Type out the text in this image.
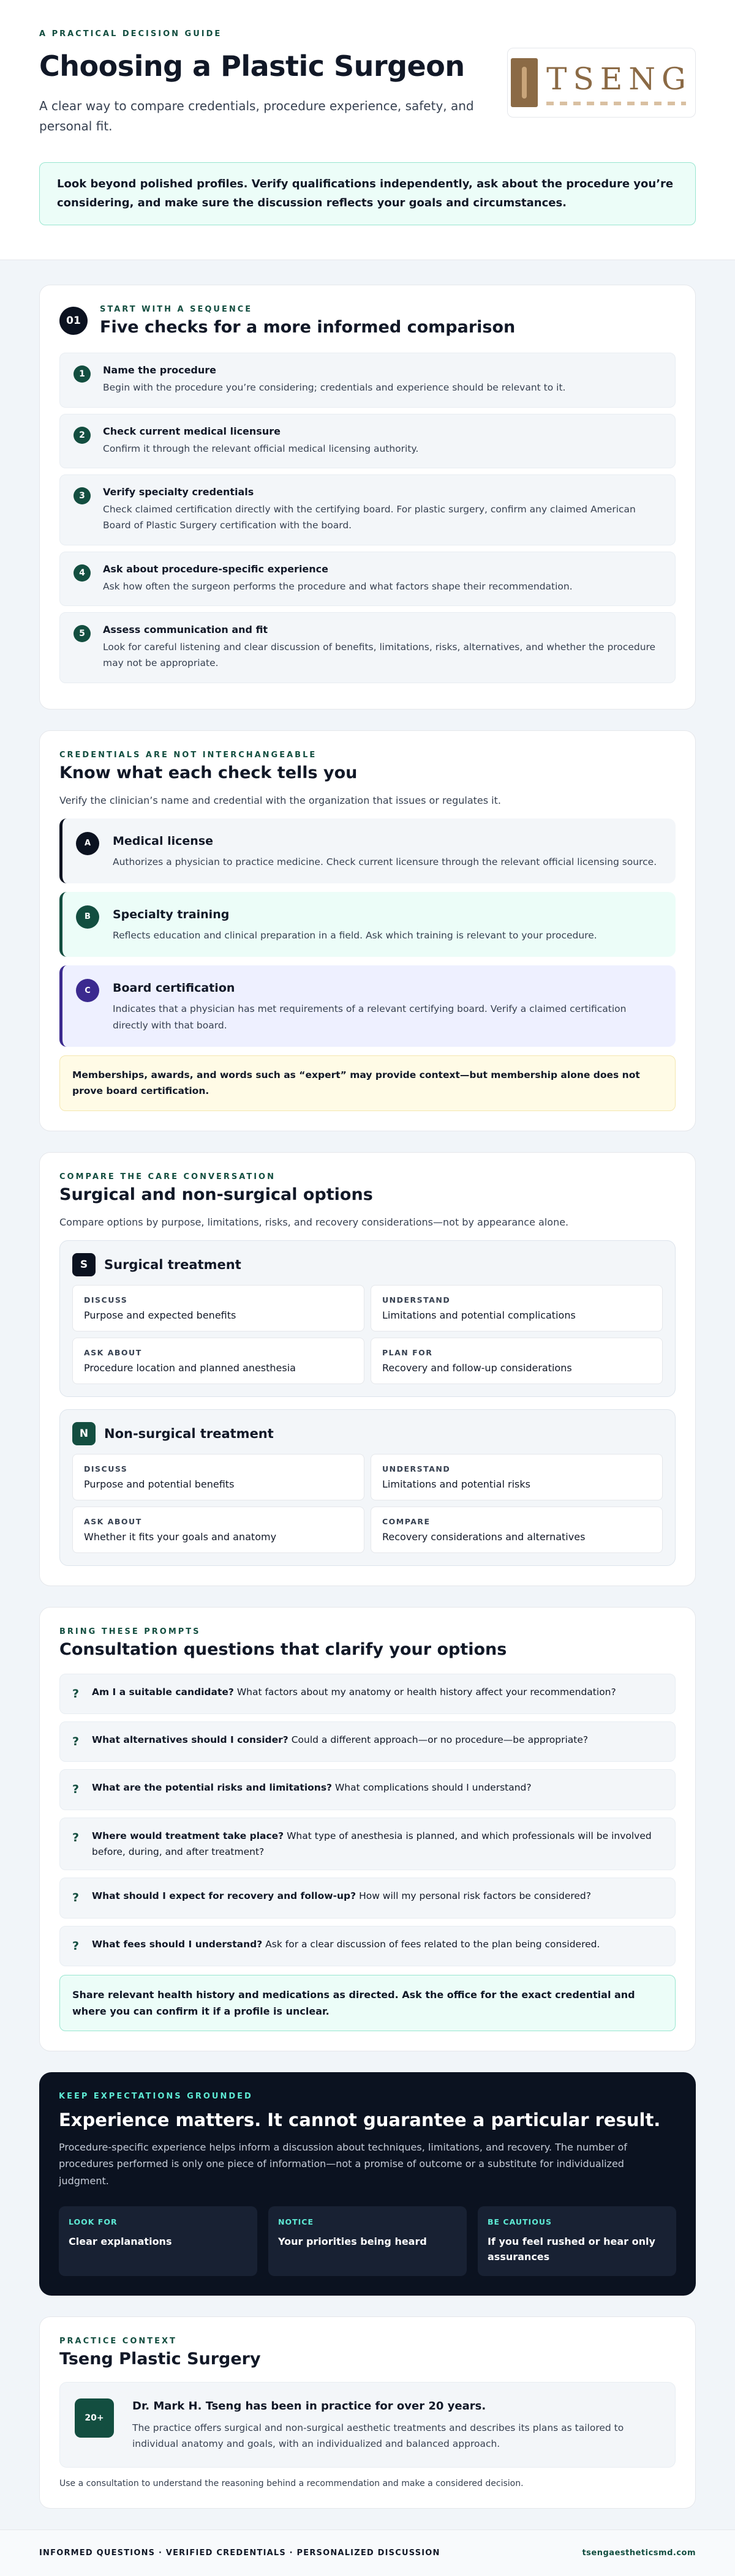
A PRACTICAL DECISION GUIDE
Choosing a Plastic Surgeon

A clear way to compare credentials, procedure experience, safety, and personal fit.

TSENG
Look beyond polished profiles. Verify qualifications independently, ask about the procedure you’re considering, and make sure the discussion reflects your goals and circumstances.
01
START WITH A SEQUENCE
Five checks for a more informed comparison
1	Name the procedure
Begin with the procedure you’re considering; credentials and experience should be relevant to it.
2	Check current medical licensure
Confirm it through the relevant official medical licensing authority.
3	Verify specialty credentials
Check claimed certification directly with the certifying board. For plastic surgery, confirm any claimed American Board of Plastic Surgery certification with the board.
4	Ask about procedure-specific experience
Ask how often the surgeon performs the procedure and what factors shape their recommendation.
5	Assess communication and fit
Look for careful listening and clear discussion of benefits, limitations, risks, alternatives, and whether the procedure may not be appropriate.
CREDENTIALS ARE NOT INTERCHANGEABLE
Know what each check tells you

Verify the clinician’s name and credential with the organization that issues or regulates it.

A	Medical license
Authorizes a physician to practice medicine. Check current licensure through the relevant official licensing source.
B	Specialty training
Reflects education and clinical preparation in a field. Ask which training is relevant to your procedure.
C	Board certification
Indicates that a physician has met requirements of a relevant certifying board. Verify a claimed certification directly with that board.
Memberships, awards, and words such as “expert” may provide context—but membership alone does not prove board certification.
COMPARE THE CARE CONVERSATION
Surgical and non-surgical options

Compare options by purpose, limitations, risks, and recovery considerations—not by appearance alone.

S	Surgical treatment
DISCUSS
Purpose and expected benefits
UNDERSTAND
Limitations and potential complications
ASK ABOUT
Procedure location and planned anesthesia
PLAN FOR
Recovery and follow-up considerations
N	Non-surgical treatment
DISCUSS
Purpose and potential benefits
UNDERSTAND
Limitations and potential risks
ASK ABOUT
Whether it fits your goals and anatomy
COMPARE
Recovery considerations and alternatives
BRING THESE PROMPTS
Consultation questions that clarify your options
? Am I a suitable candidate? What factors about my anatomy or health history affect your recommendation?
? What alternatives should I consider? Could a different approach—or no procedure—be appropriate?
? What are the potential risks and limitations? What complications should I understand?
? Where would treatment take place? What type of anesthesia is planned, and which professionals will be involved before, during, and after treatment?
? What should I expect for recovery and follow-up? How will my personal risk factors be considered?
? What fees should I understand? Ask for a clear discussion of fees related to the plan being considered.
Share relevant health history and medications as directed. Ask the office for the exact credential and where you can confirm it if a profile is unclear.
KEEP EXPECTATIONS GROUNDED
Experience matters. It cannot guarantee a particular result.

Procedure-specific experience helps inform a discussion about techniques, limitations, and recovery. The number of procedures performed is only one piece of information—not a promise of outcome or a substitute for individualized judgment.

LOOK FOR
Clear explanations
NOTICE
Your priorities being heard
BE CAUTIOUS
If you feel rushed or hear only assurances
PRACTICE CONTEXT
Tseng Plastic Surgery
20+
Dr. Mark H. Tseng has been in practice for over 20 years.
The practice offers surgical and non-surgical aesthetic treatments and describes its plans as tailored to individual anatomy and goals, with an individualized and balanced approach.

Use a consultation to understand the reasoning behind a recommendation and make a considered decision.

INFORMED QUESTIONS · VERIFIED CREDENTIALS · PERSONALIZED DISCUSSION	tsengaestheticsmd.com
